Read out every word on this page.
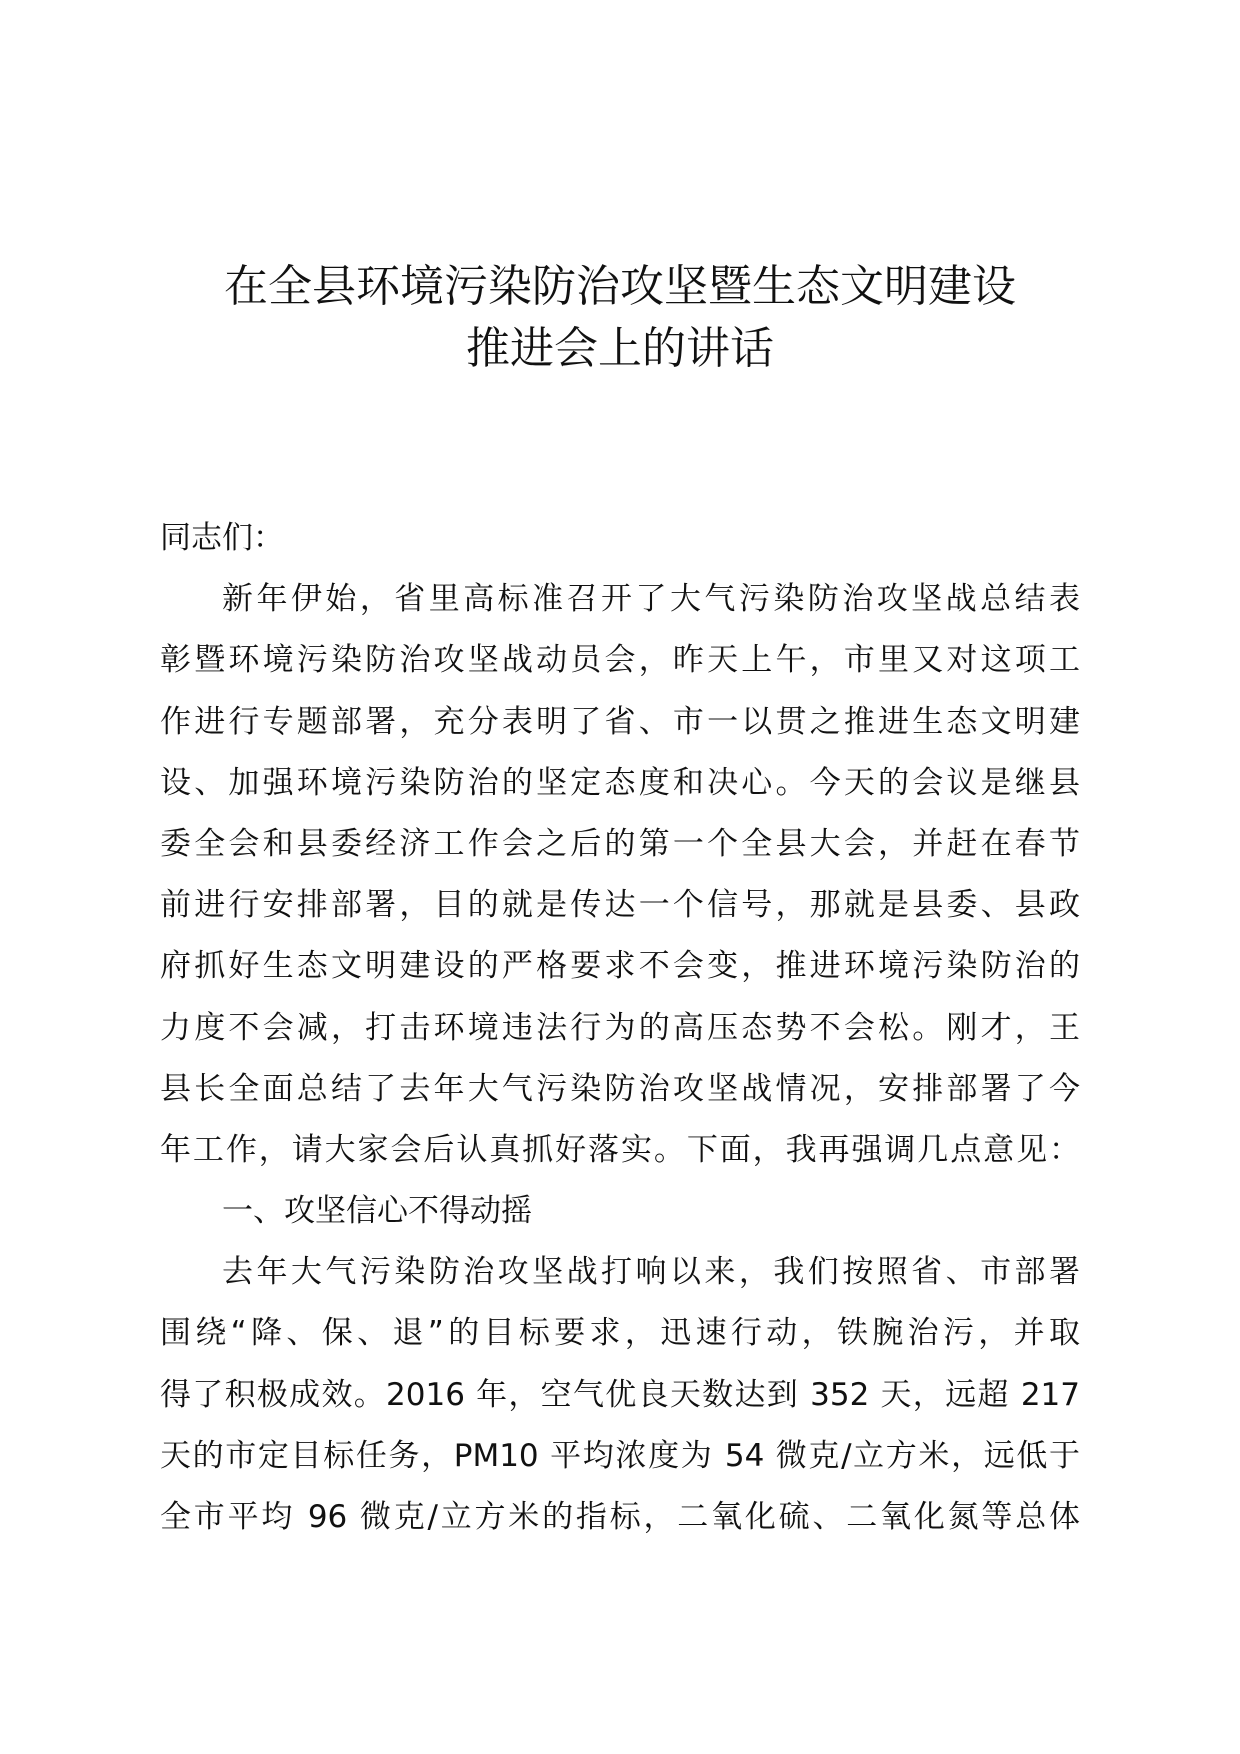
在全县环境污染防治攻坚暨生态文明建设
推进会上的讲话
同志们：
新年伊始，省里高标准召开了大气污染防治攻坚战总结表
彰暨环境污染防治攻坚战动员会，昨天上午，市里又对这项工
作进行专题部署，充分表明了省、市一以贯之推进生态文明建
设、加强环境污染防治的坚定态度和决心。今天的会议是继县
委全会和县委经济工作会之后的第一个全县大会，并赶在春节
前进行安排部署，目的就是传达一个信号，那就是县委、县政
府抓好生态文明建设的严格要求不会变，推进环境污染防治的
力度不会减，打击环境违法行为的高压态势不会松。刚才，王
县长全面总结了去年大气污染防治攻坚战情况，安排部署了今
年工作，请大家会后认真抓好落实。下面，我再强调几点意见：
一、攻坚信心不得动摇
去年大气污染防治攻坚战打响以来，我们按照省、市部署
围绕“降、保、退”的目标要求，迅速行动，铁腕治污，并取
得了积极成效。2016 年，空气优良天数达到 352 天，远超 217
天的市定目标任务，PM10 平均浓度为 54 微克/立方米，远低于
全市平均 96 微克/立方米的指标，二氧化硫、二氧化氮等总体
